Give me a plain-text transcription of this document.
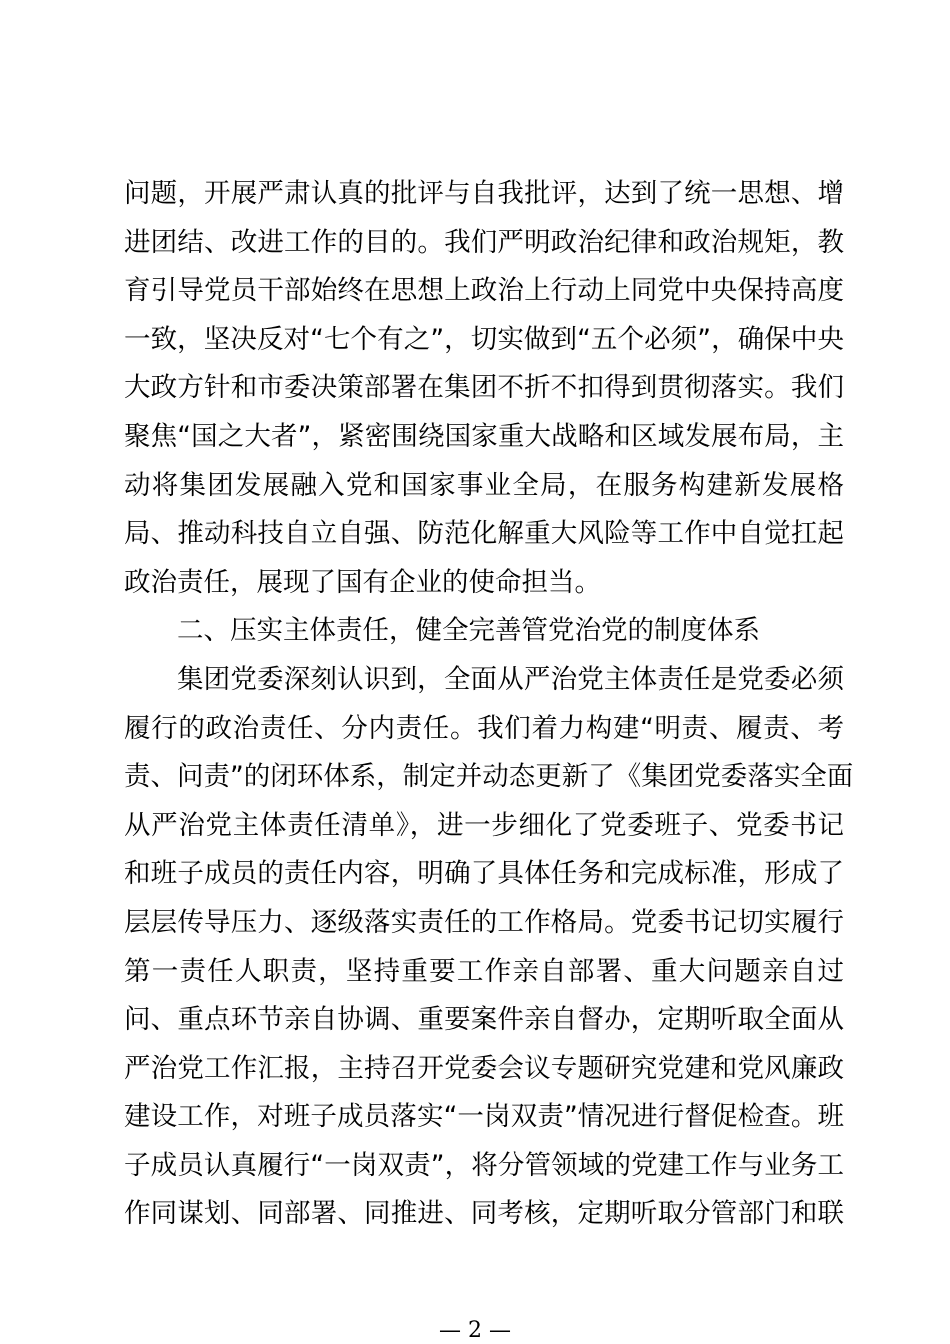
问题，开展严肃认真的批评与自我批评，达到了统一思想、增
进团结、改进工作的目的。我们严明政治纪律和政治规矩，教
育引导党员干部始终在思想上政治上行动上同党中央保持高度
一致，坚决反对“七个有之”，切实做到“五个必须”，确保中央
大政方针和市委决策部署在集团不折不扣得到贯彻落实。我们
聚焦“国之大者”，紧密围绕国家重大战略和区域发展布局，主
动将集团发展融入党和国家事业全局，在服务构建新发展格
局、推动科技自立自强、防范化解重大风险等工作中自觉扛起
政治责任，展现了国有企业的使命担当。
二、压实主体责任，健全完善管党治党的制度体系
集团党委深刻认识到，全面从严治党主体责任是党委必须
履行的政治责任、分内责任。我们着力构建“明责、履责、考
责、问责”的闭环体系，制定并动态更新了《集团党委落实全面
从严治党主体责任清单》，进一步细化了党委班子、党委书记
和班子成员的责任内容，明确了具体任务和完成标准，形成了
层层传导压力、逐级落实责任的工作格局。党委书记切实履行
第一责任人职责，坚持重要工作亲自部署、重大问题亲自过
问、重点环节亲自协调、重要案件亲自督办，定期听取全面从
严治党工作汇报，主持召开党委会议专题研究党建和党风廉政
建设工作，对班子成员落实“一岗双责”情况进行督促检查。班
子成员认真履行“一岗双责”，将分管领域的党建工作与业务工
作同谋划、同部署、同推进、同考核，定期听取分管部门和联
— 2 —
